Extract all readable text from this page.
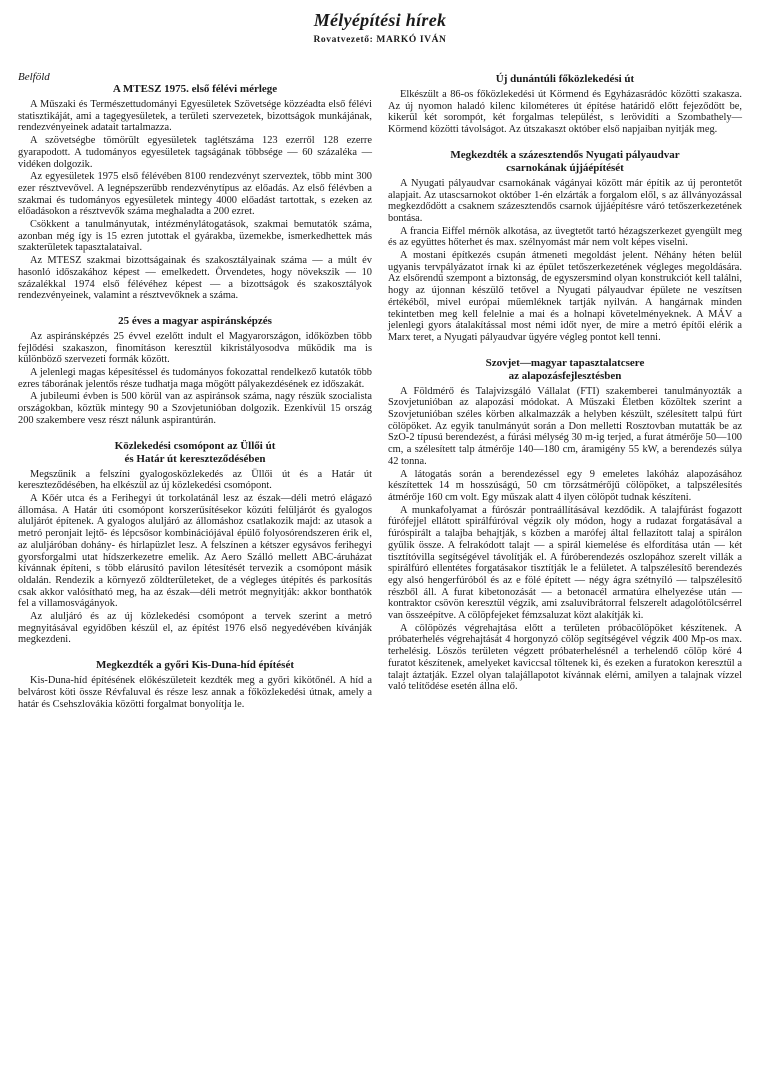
Mélyépítési hírek
Rovatvezető: MARKÓ IVÁN
Belföld
A MTESZ 1975. első félévi mérlege

A Műszaki és Természettudományi Egyesületek Szövetsége közzéadta első félévi statisztikáját, ami a tagegyesületek, a területi szervezetek, bizottságok munkájának, rendezvényeinek adatait tartalmazza.

A szövetségbe tömörült egyesületek taglétszáma 123 ezerről 128 ezerre gyarapodott. A tudományos egyesületek tagságának többsége — 60 százaléka — vidéken dolgozik.

Az egyesületek 1975 első félévében 8100 rendezvényt szerveztek, több mint 300 ezer résztvevővel. A legnépszerűbb rendezvénytípus az előadás. Az első félévben a szakmai és tudományos egyesületek mintegy 4000 előadást tartottak, s ezeken az előadásokon a résztvevők száma meghaladta a 200 ezret.

Csökkent a tanulmányutak, intézménylátogatások, szakmai bemutatók száma, azonban még így is 15 ezren jutottak el gyárakba, üzemekbe, ismerkedhettek más szakterületek tapasztalataival.

Az MTESZ szakmai bizottságainak és szakosztályainak száma — a múlt év hasonló időszakához képest — emelkedett. Örvendetes, hogy növekszik — 10 százalékkal 1974 első félévéhez képest — a bizottságok és szakosztályok rendezvényeinek, valamint a résztvevőknek a száma.

25 éves a magyar aspiránsképzés

Az aspiránsképzés 25 évvel ezelőtt indult el Magyarországon, időközben több fejlődési szakaszon, finomításon keresztül kikristályosodva működik ma is különböző szervezeti formák között.

A jelenlegi magas képesítéssel és tudományos fokozattal rendelkező kutatók több ezres táborának jelentős része tudhatja maga mögött pályakezdésének ez időszakát.

A jubileumi évben is 500 körül van az aspiránsok száma, nagy részük szocialista országokban, köztük mintegy 90 a Szovjetunióban dolgozik. Ezenkívül 15 ország 200 szakembere vesz részt nálunk aspirantúrán.

Közlekedési csomópont az Üllői út
és Határ út kereszteződésében

Megszűnik a felszíni gyalogosközlekedés az Üllői út és a Határ út kereszteződésében, ha elkészül az új közlekedési csomópont.

A Kőér utca és a Ferihegyi út torkolatánál lesz az észak—déli metró elágazó állomása. A Határ úti csomópont korszerűsítésekor közúti felüljárót és gyalogos aluljárót építenek. A gyalogos aluljáró az állomáshoz csatlakozik majd: az utasok a metró peronjait lejtő- és lépcsősor kombinációjával épülő folyosórendszeren érik el, az aluljáróban dohány- és hírlapüzlet lesz. A felszínen a kétszer egysávos ferihegyi gyorsforgalmi utat hídszerkezetre emelik. Az Aero Szálló mellett ABC-áruházat kívánnak építeni, s több elárusító pavilon létesítését tervezik a csomópont másik oldalán. Rendezik a környező zöldterületeket, de a végleges útépítés és parkosítás csak akkor valósítható meg, ha az észak—déli metrót megnyitják: akkor bonthatók fel a villamosvágányok.

Az aluljáró és az új közlekedési csomópont a tervek szerint a metró megnyitásával egyidőben készül el, az építést 1976 első negyedévében kívánják megkezdeni.

Megkezdték a győri Kis-Duna-híd építését

Kis-Duna-híd építésének előkészületeit kezdték meg a győri kikötőnél. A híd a belvárost köti össze Révfaluval és része lesz annak a főközlekedési útnak, amely a határ és Csehszlovákia közötti forgalmat bonyolítja le.

Új dunántúli főközlekedési út

Elkészült a 86-os főközlekedési út Körmend és Egyházasrádóc közötti szakasza. Az új nyomon haladó kilenc kilométeres út építése határidő előtt fejeződött be, kikerül két sorompót, két forgalmas települést, s lerövidíti a Szombathely—Körmend közötti távolságot. Az útszakaszt október első napjaiban nyitják meg.

Megkezdték a százesztendős Nyugati pályaudvar
csarnokának újjáépítését

A Nyugati pályaudvar csarnokának vágányai között már építik az új perontetőt alapjait. Az utascsarnokot október 1-én elzárták a forgalom elől, s az állványozással megkezdődött a csaknem százesztendős csarnok újjáépítésre váró tetőszerkezetének bontása.

A francia Eiffel mérnök alkotása, az üvegtetőt tartó hézagszerkezet gyengült meg és az együttes hőterhet és max. szélnyomást már nem volt képes viselni.

A mostani építkezés csupán átmeneti megoldást jelent. Néhány héten belül ugyanis tervpályázatot írnak ki az épület tetőszerkezetének végleges megoldására. Az elsőrendű szempont a biztonság, de egyszersmind olyan konstrukciót kell találni, hogy az újonnan készülő tetővel a Nyugati pályaudvar épülete ne veszítsen értékéből, mivel európai műemléknek tartják nyilván. A hangárnak minden tekintetben meg kell felelnie a mai és a holnapi követelményeknek. A MÁV a jelenlegi gyors átalakítással most némi időt nyer, de mire a metró építői elérik a Marx teret, a Nyugati pályaudvar ügyére végleg pontot kell tenni.

Szovjet—magyar tapasztalatcsere
az alapozásfejlesztésben

A Földmérő és Talajvizsgáló Vállalat (FTI) szakemberei tanulmányozták a Szovjetunióban az alapozási módokat. A Műszaki Életben közöltek szerint a Szovjetunióban széles körben alkalmazzák a helyben készült, szélesített talpú fúrt cölöpöket. Az egyik tanulmányút során a Don melletti Rosztovban mutatták be az SzO-2 típusú berendezést, a fúrási mélység 30 m-ig terjed, a furat átmérője 50—100 cm, a szélesített talp átmérője 140—180 cm, áramigény 55 kW, a berendezés súlya 42 tonna.

A látogatás során a berendezéssel egy 9 emeletes lakóház alapozásához készítettek 14 m hosszúságú, 50 cm törzsátmérőjű cölöpöket, a talpszélesítés átmérője 160 cm volt. Egy műszak alatt 4 ilyen cölöpöt tudnak készíteni.

A munkafolyamat a fúrószár pontraállításával kezdődik. A talajfúrást fogazott fúrófejjel ellátott spirálfúróval végzik oly módon, hogy a rudazat forgatásával a fúróspirált a talajba behajtják, s közben a marófej által fellazított talaj a spirálon gyűlik össze. A felrakódott talajt — a spirál kiemelése és elfordítása után — két tisztítóvilla segítségével távolítják el. A fúróberendezés oszlopához szerelt villák a spirálfúró ellentétes forgatásakor tisztítják le a felületet. A talpszélesítő berendezés egy alsó hengerfúróból és az e fölé épített — négy ágra szétnyíló — talpszélesítő részből áll. A furat kibetonozását — a betonacél armatúra elhelyezése után — kontraktor csövön keresztül végzik, ami zsaluvibrátorral felszerelt adagolótölcsérrel van összeépítve. A cölöpfejeket fémzsaluzat közt alakítják ki.

A cölöpözés végrehajtása előtt a területen próbacölöpöket készítenek. A próbaterhelés végrehajtását 4 horgonyzó cölöp segítségével végzik 400 Mp-os max. terhelésig. Löszös területen végzett próbaterhelésnél a terhelendő cölöp köré 4 furatot készítenek, amelyeket kaviccsal töltenek ki, és ezeken a furatokon keresztül a talajt áztatják. Ezzel olyan talajállapotot kívánnak elérni, amilyen a talajnak vízzel való telítődése esetén állna elő.
